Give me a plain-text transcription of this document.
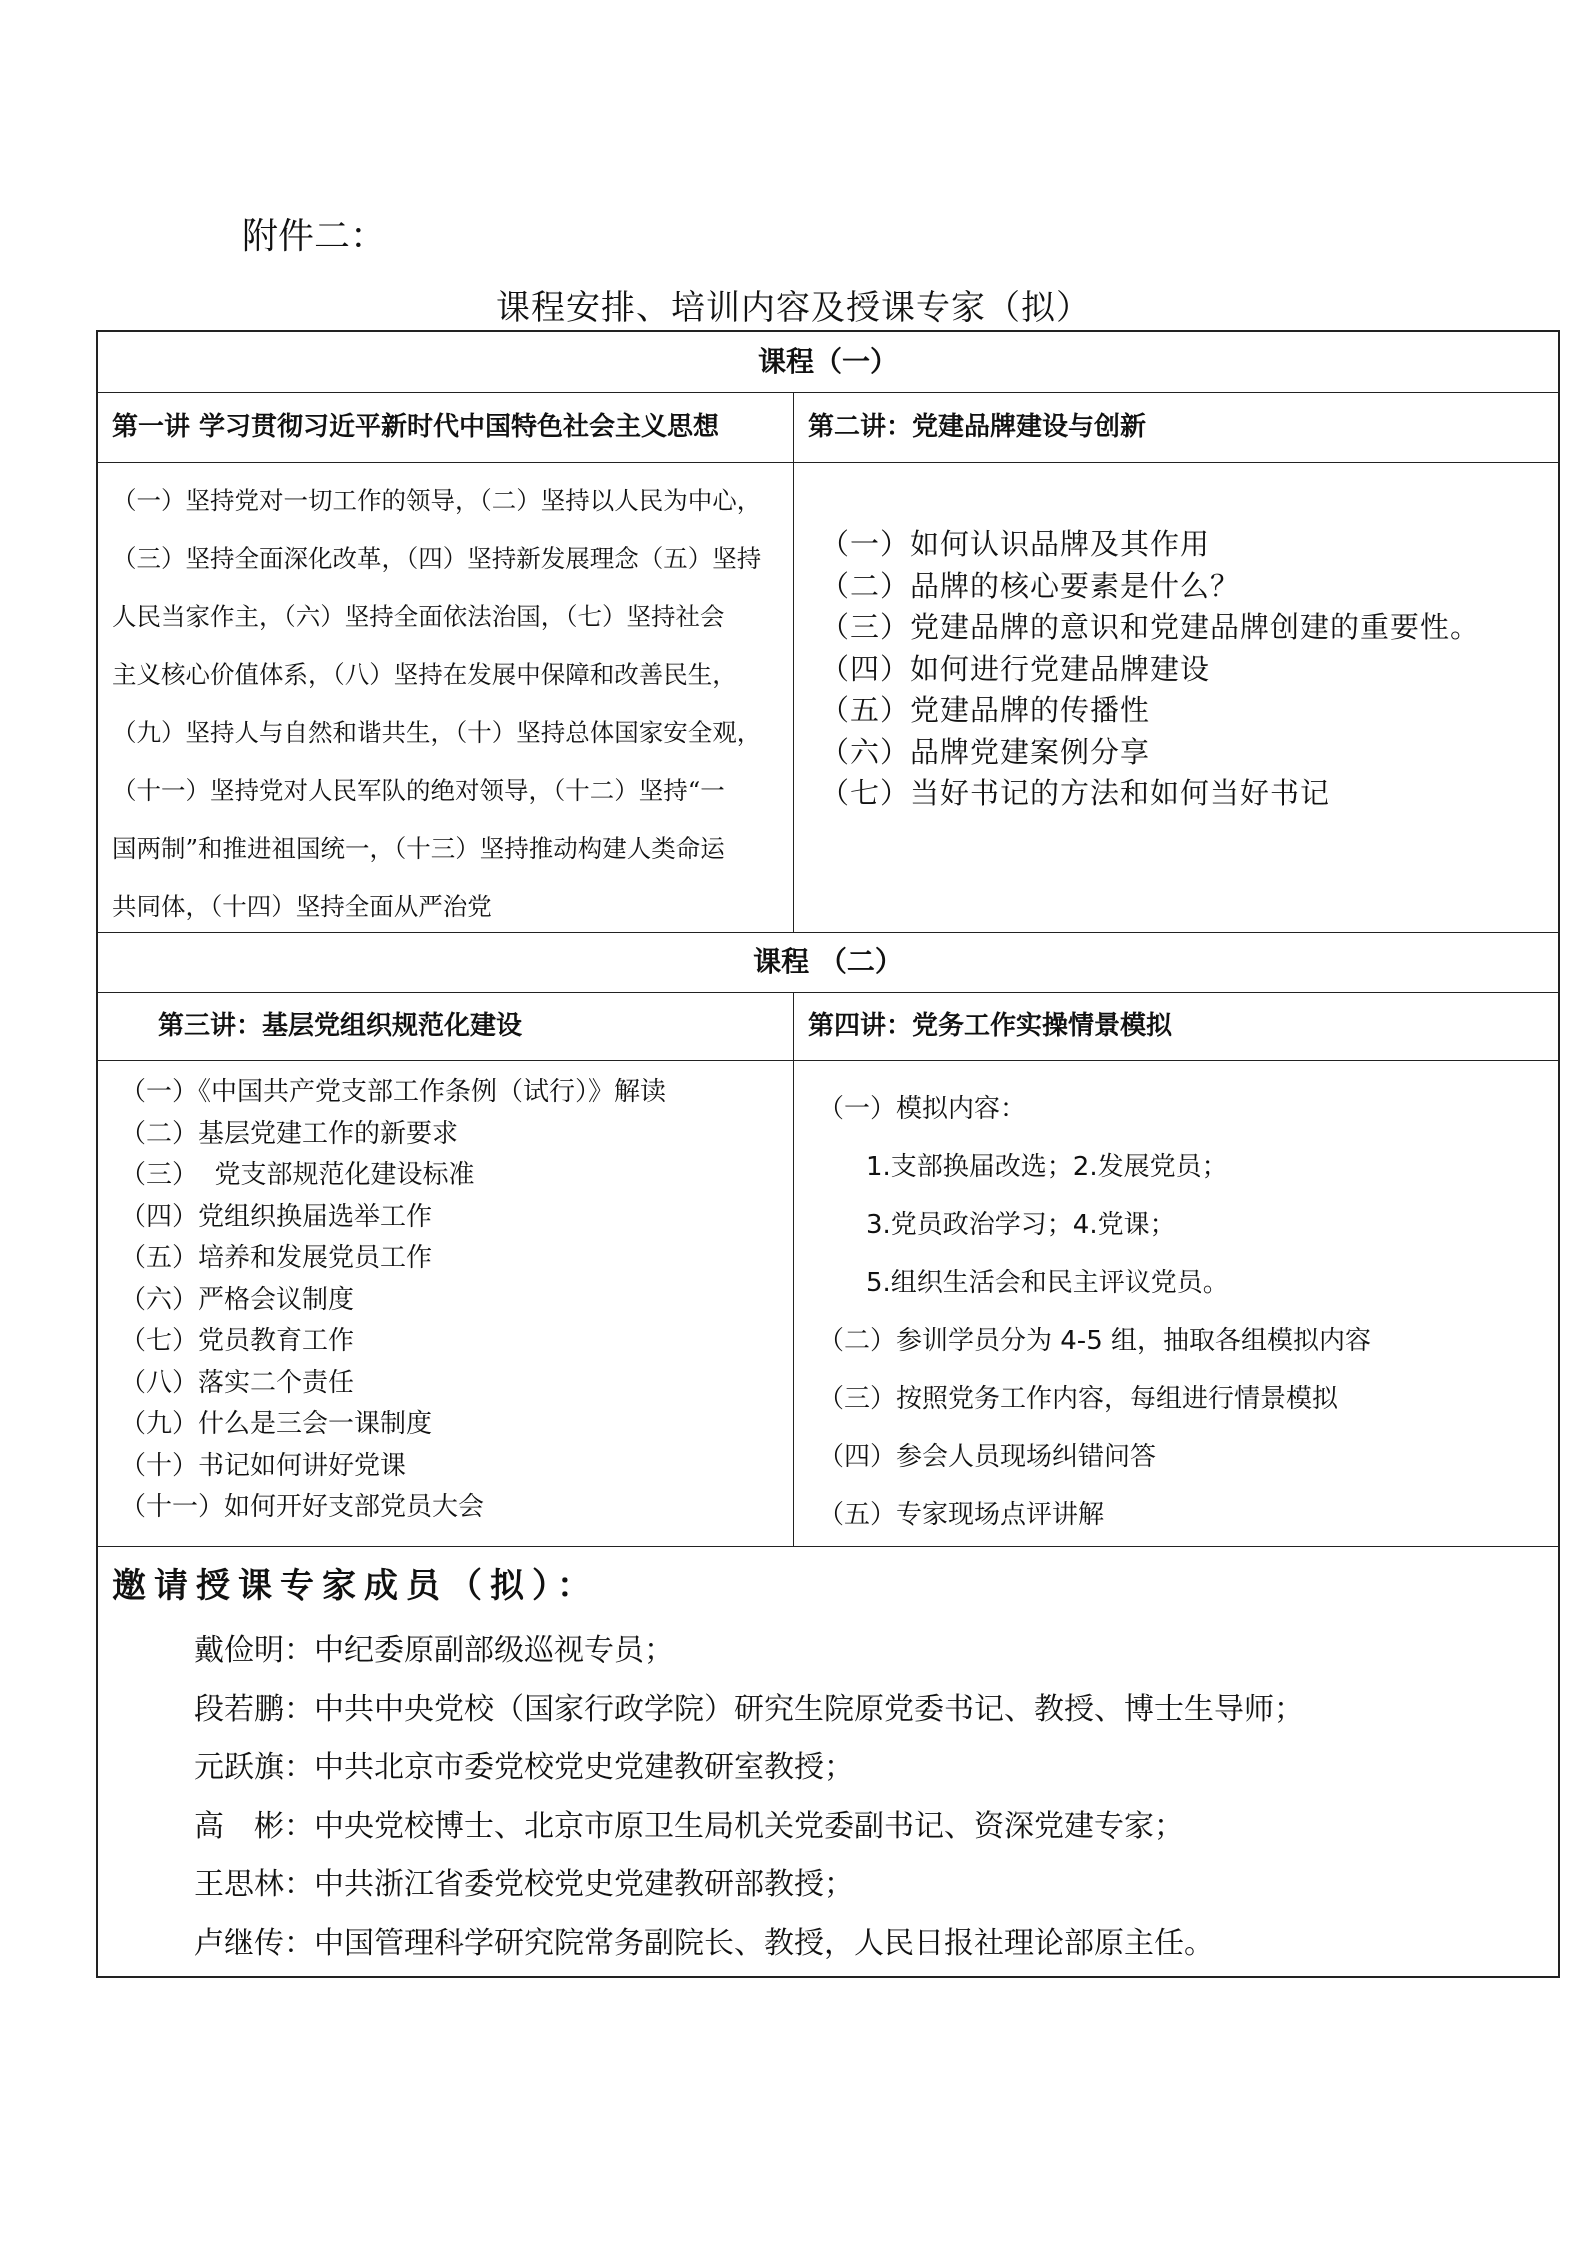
附件二：
课程安排、培训内容及授课专家（拟）
课程（一）
第一讲 学习贯彻习近平新时代中国特色社会主义思想	第二讲：党建品牌建设与创新
（一）坚持党对一切工作的领导，（二）坚持以人民为中心，
（三）坚持全面深化改革，（四）坚持新发展理念（五）坚持
人民当家作主，（六）坚持全面依法治国，（七）坚持社会
主义核心价值体系，（八）坚持在发展中保障和改善民生，
（九）坚持人与自然和谐共生，（十）坚持总体国家安全观，
（十一）坚持党对人民军队的绝对领导，（十二）坚持“一
国两制”和推进祖国统一，（十三）坚持推动构建人类命运
共同体，（十四）坚持全面从严治党
（一）如何认识品牌及其作用
（二）品牌的核心要素是什么？
（三）党建品牌的意识和党建品牌创建的重要性。
（四）如何进行党建品牌建设
（五）党建品牌的传播性
（六）品牌党建案例分享
（七）当好书记的方法和如何当好书记
课程 （二）
第三讲：基层党组织规范化建设	第四讲：党务工作实操情景模拟
（一）《中国共产党支部工作条例（试行）》解读
（二）基层党建工作的新要求
（三）  党支部规范化建设标准
（四）党组织换届选举工作
（五）培养和发展党员工作
（六）严格会议制度
（七）党员教育工作
（八）落实二个责任
（九）什么是三会一课制度
（十）书记如何讲好党课
（十一）如何开好支部党员大会
（一）模拟内容：
1.支部换届改选；2.发展党员；
3.党员政治学习；4.党课；
5.组织生活会和民主评议党员。
（二）参训学员分为 4-5 组，抽取各组模拟内容
（三）按照党务工作内容，每组进行情景模拟
（四）参会人员现场纠错问答
（五）专家现场点评讲解
邀请授课专家成员（拟）：
戴俭明：中纪委原副部级巡视专员；
段若鹏：中共中央党校（国家行政学院）研究生院原党委书记、教授、博士生导师；
元跃旗：中共北京市委党校党史党建教研室教授；
高　彬：中央党校博士、北京市原卫生局机关党委副书记、资深党建专家；
王思林：中共浙江省委党校党史党建教研部教授；
卢继传：中国管理科学研究院常务副院长、教授，人民日报社理论部原主任。
